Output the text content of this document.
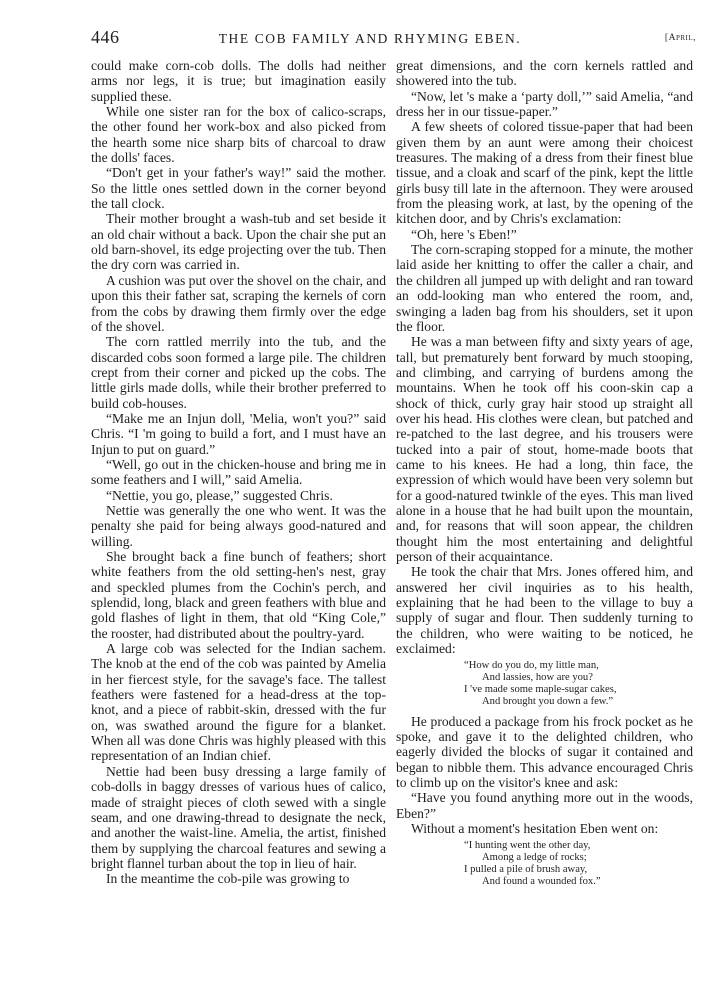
446	THE COB FAMILY AND RHYMING EBEN.	[April,

could make corn-cob dolls. The dolls had neither arms nor legs, it is true; but imagination easily supplied these.

While one sister ran for the box of calico-scraps, the other found her work-box and also picked from the hearth some nice sharp bits of charcoal to draw the dolls' faces.

“Don't get in your father's way!” said the mother. So the little ones settled down in the corner beyond the tall clock.

Their mother brought a wash-tub and set beside it an old chair without a back. Upon the chair she put an old barn-shovel, its edge projecting over the tub. Then the dry corn was carried in.

A cushion was put over the shovel on the chair, and upon this their father sat, scraping the kernels of corn from the cobs by drawing them firmly over the edge of the shovel.

The corn rattled merrily into the tub, and the discarded cobs soon formed a large pile. The children crept from their corner and picked up the cobs. The little girls made dolls, while their brother preferred to build cob-houses.

“Make me an Injun doll, 'Melia, won't you?” said Chris. “I 'm going to build a fort, and I must have an Injun to put on guard.”

“Well, go out in the chicken-house and bring me in some feathers and I will,” said Amelia.

“Nettie, you go, please,” suggested Chris.

Nettie was generally the one who went. It was the penalty she paid for being always good-natured and willing.

She brought back a fine bunch of feathers; short white feathers from the old setting-hen's nest, gray and speckled plumes from the Cochin's perch, and splendid, long, black and green feathers with blue and gold flashes of light in them, that old “King Cole,” the rooster, had distributed about the poultry-yard.

A large cob was selected for the Indian sachem. The knob at the end of the cob was painted by Amelia in her fiercest style, for the savage's face. The tallest feathers were fastened for a head-dress at the top-knot, and a piece of rabbit-skin, dressed with the fur on, was swathed around the figure for a blanket. When all was done Chris was highly pleased with this representation of an Indian chief.

Nettie had been busy dressing a large family of cob-dolls in baggy dresses of various hues of calico, made of straight pieces of cloth sewed with a single seam, and one drawing-thread to designate the neck, and another the waist-line. Amelia, the artist, finished them by supplying the charcoal features and sewing a bright flannel turban about the top in lieu of hair.

In the meantime the cob-pile was growing to

great dimensions, and the corn kernels rattled and showered into the tub.

“Now, let 's make a ‘party doll,’” said Amelia, “and dress her in our tissue-paper.”

A few sheets of colored tissue-paper that had been given them by an aunt were among their choicest treasures. The making of a dress from their finest blue tissue, and a cloak and scarf of the pink, kept the little girls busy till late in the afternoon. They were aroused from the pleasing work, at last, by the opening of the kitchen door, and by Chris's exclamation:

“Oh, here 's Eben!”

The corn-scraping stopped for a minute, the mother laid aside her knitting to offer the caller a chair, and the children all jumped up with delight and ran toward an odd-looking man who entered the room, and, swinging a laden bag from his shoulders, set it upon the floor.

He was a man between fifty and sixty years of age, tall, but prematurely bent forward by much stooping, and climbing, and carrying of burdens among the mountains. When he took off his coon-skin cap a shock of thick, curly gray hair stood up straight all over his head. His clothes were clean, but patched and re-patched to the last degree, and his trousers were tucked into a pair of stout, home-made boots that came to his knees. He had a long, thin face, the expression of which would have been very solemn but for a good-natured twinkle of the eyes. This man lived alone in a house that he had built upon the mountain, and, for reasons that will soon appear, the children thought him the most entertaining and delightful person of their acquaintance.

He took the chair that Mrs. Jones offered him, and answered her civil inquiries as to his health, explaining that he had been to the village to buy a supply of sugar and flour. Then suddenly turning to the children, who were waiting to be noticed, he exclaimed:

“How do you do, my little man,
And lassies, how are you?
I 've made some maple-sugar cakes,
And brought you down a few.”

He produced a package from his frock pocket as he spoke, and gave it to the delighted children, who eagerly divided the blocks of sugar it contained and began to nibble them. This advance encouraged Chris to climb up on the visitor's knee and ask:

“Have you found anything more out in the woods, Eben?”

Without a moment's hesitation Eben went on:

“I hunting went the other day,
Among a ledge of rocks;
I pulled a pile of brush away,
And found a wounded fox.”
